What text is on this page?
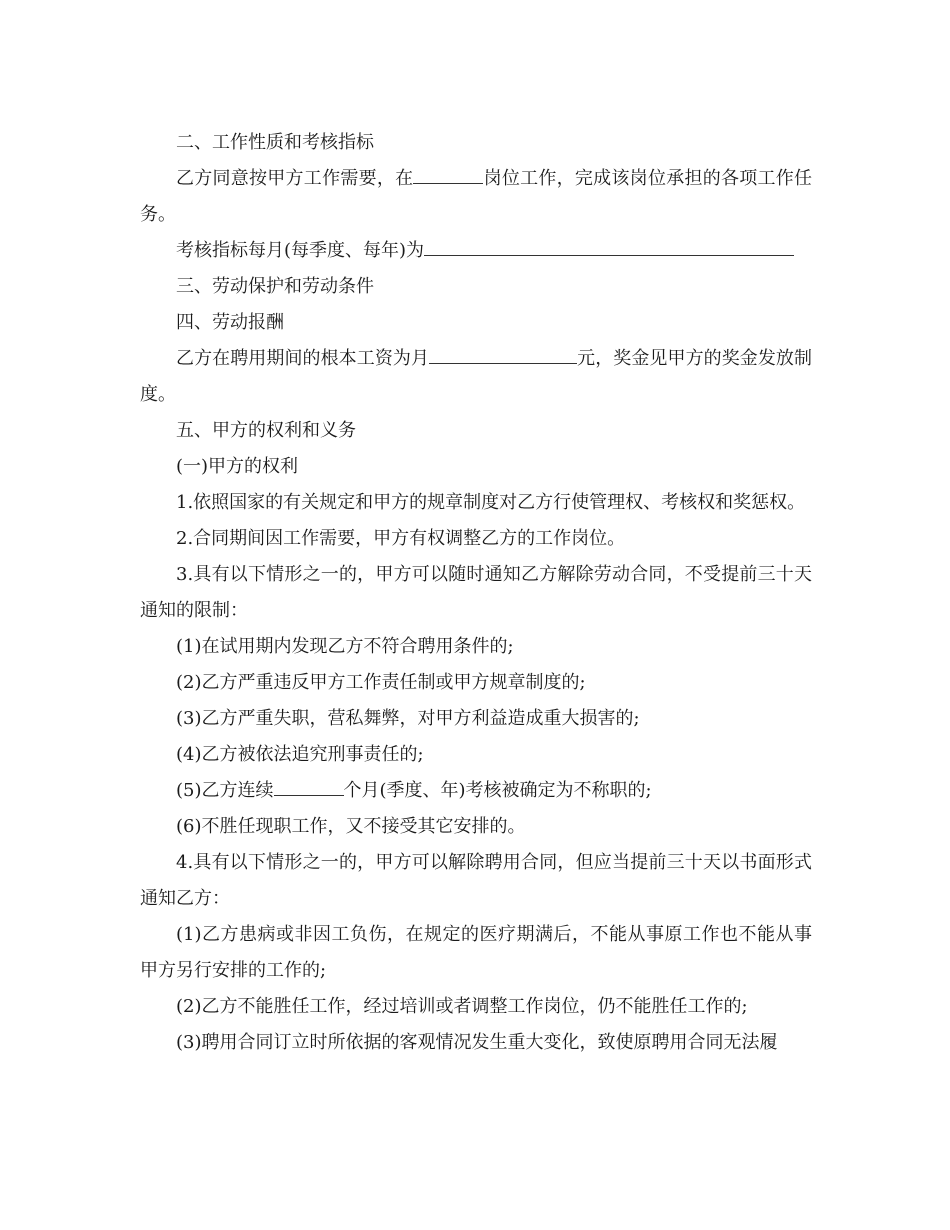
二、工作性质和考核指标

乙方同意按甲方工作需要，在	岗位工作，完成该岗位承担的各项工作任务。

考核指标每月(每季度、每年)为

三、劳动保护和劳动条件

四、劳动报酬

乙方在聘用期间的根本工资为月	元，奖金见甲方的奖金发放制度。

五、甲方的权利和义务

(一)甲方的权利

1.依照国家的有关规定和甲方的规章制度对乙方行使管理权、考核权和奖惩权。

2.合同期间因工作需要，甲方有权调整乙方的工作岗位。

3.具有以下情形之一的，甲方可以随时通知乙方解除劳动合同，不受提前三十天通知的限制：

(1)在试用期内发现乙方不符合聘用条件的;

(2)乙方严重违反甲方工作责任制或甲方规章制度的;

(3)乙方严重失职，营私舞弊，对甲方利益造成重大损害的;

(4)乙方被依法追究刑事责任的;

(5)乙方连续	个月(季度、年)考核被确定为不称职的;

(6)不胜任现职工作，又不接受其它安排的。

4.具有以下情形之一的，甲方可以解除聘用合同，但应当提前三十天以书面形式通知乙方：

(1)乙方患病或非因工负伤，在规定的医疗期满后，不能从事原工作也不能从事甲方另行安排的工作的;

(2)乙方不能胜任工作，经过培训或者调整工作岗位，仍不能胜任工作的;

(3)聘用合同订立时所依据的客观情况发生重大变化，致使原聘用合同无法履
